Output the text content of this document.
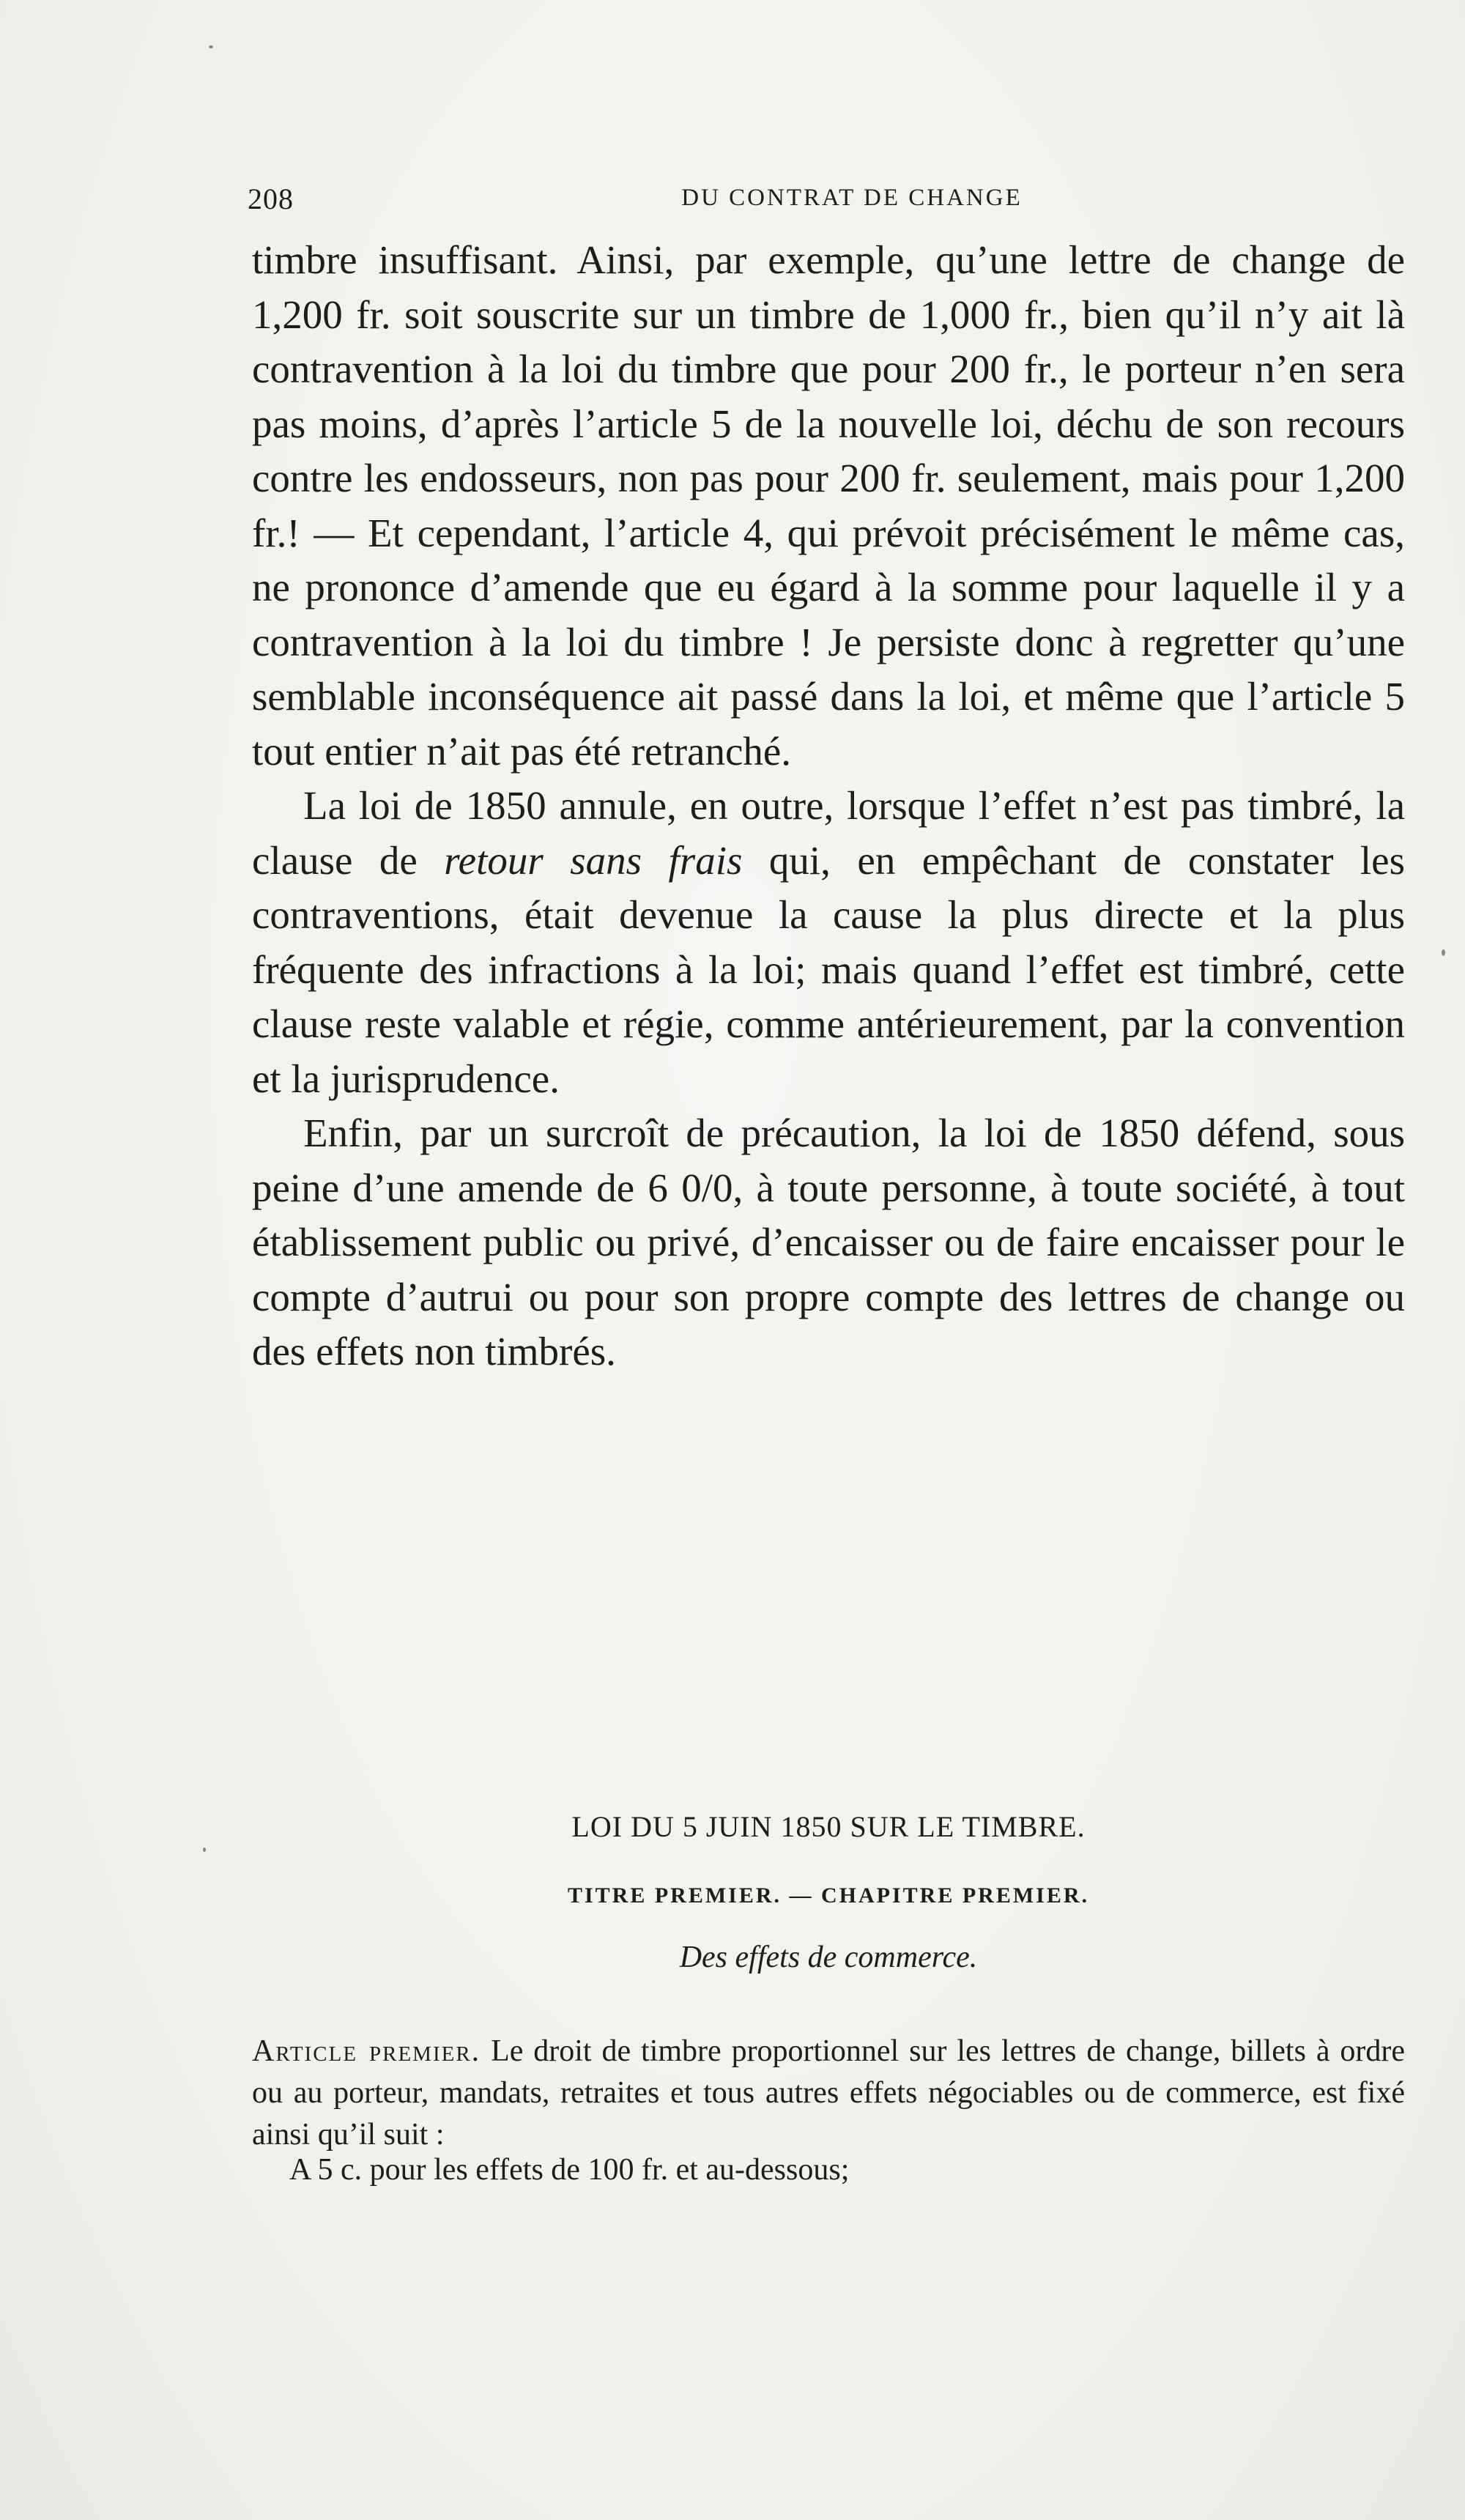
208	DU CONTRAT DE CHANGE

timbre insuffisant. Ainsi, par exemple, qu’une lettre de change de 1,200 fr. soit souscrite sur un timbre de 1,000 fr., bien qu’il n’y ait là contravention à la loi du timbre que pour 200 fr., le porteur n’en sera pas moins, d’après l’article 5 de la nouvelle loi, déchu de son recours contre les endosseurs, non pas pour 200 fr. seulement, mais pour 1,200 fr.! — Et cependant, l’article 4, qui prévoit précisément le même cas, ne prononce d’amende que eu égard à la somme pour laquelle il y a contravention à la loi du timbre ! Je persiste donc à regretter qu’une semblable inconséquence ait passé dans la loi, et même que l’article 5 tout entier n’ait pas été retranché.

La loi de 1850 annule, en outre, lorsque l’effet n’est pas timbré, la clause de retour sans frais qui, en empêchant de constater les contraventions, était devenue la cause la plus directe et la plus fréquente des infractions à la loi; mais quand l’effet est timbré, cette clause reste valable et régie, comme antérieurement, par la convention et la jurisprudence.

Enfin, par un surcroît de précaution, la loi de 1850 défend, sous peine d’une amende de 6 0/0, à toute personne, à toute société, à tout établissement public ou privé, d’encaisser ou de faire encaisser pour le compte d’autrui ou pour son propre compte des lettres de change ou des effets non timbrés.

LOI DU 5 JUIN 1850 SUR LE TIMBRE.
TITRE PREMIER. — CHAPITRE PREMIER.
Des effets de commerce.
Article premier. Le droit de timbre proportionnel sur les lettres de change, billets à ordre ou au porteur, mandats, retraites et tous autres effets négociables ou de commerce, est fixé ainsi qu’il suit :
A 5 c. pour les effets de 100 fr. et au-dessous;
